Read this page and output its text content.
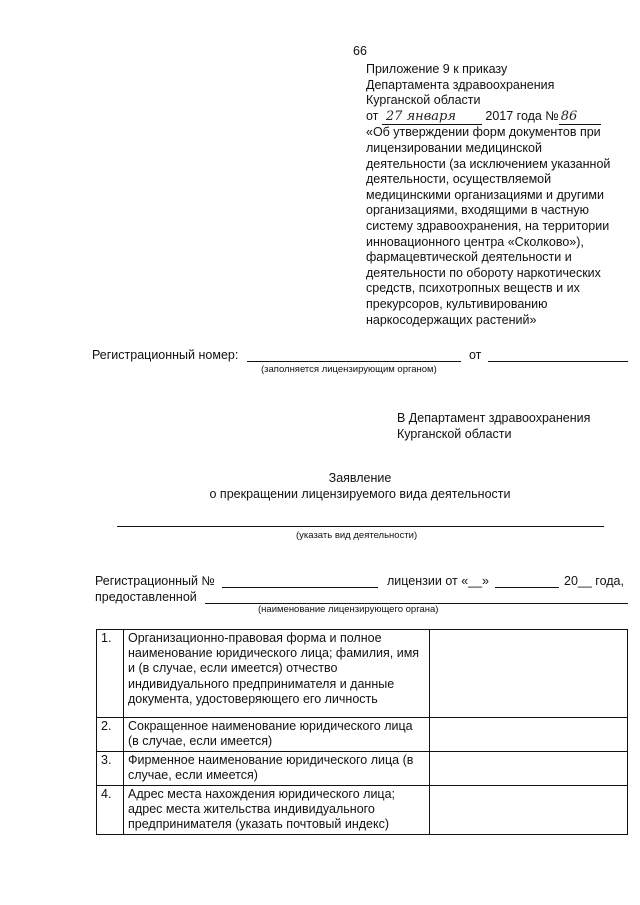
66
Приложение 9 к приказу
Департамента здравоохранения
Курганской области
от 27 января 2017 года № 86
«Об утверждении форм документов при
лицензировании медицинской
деятельности (за исключением указанной
деятельности, осуществляемой
медицинскими организациями и другими
организациями, входящими в частную
систему здравоохранения, на территории
инновационного центра «Сколково»),
фармацевтической деятельности и
деятельности по обороту наркотических
средств, психотропных веществ и их
прекурсоров, культивированию
наркосодержащих растений»
Регистрационный номер:	от
(заполняется лицензирующим органом)
В Департамент здравоохранения
Курганской области
Заявление
о прекращении лицензируемого вида деятельности
(указать вид деятельности)
Регистрационный №	лицензии от «__»	20__ года,
предоставленной
(наименование лицензирующего органа)
1.	Организационно-правовая форма и полное наименование юридического лица; фамилия, имя и (в случае, если имеется) отчество индивидуального предпринимателя и данные документа, удостоверяющего его личность	
2.	Сокращенное наименование юридического лица (в случае, если имеется)	
3.	Фирменное наименование юридического лица (в случае, если имеется)	
4.	Адрес места нахождения юридического лица; адрес места жительства индивидуального предпринимателя (указать почтовый индекс)	
